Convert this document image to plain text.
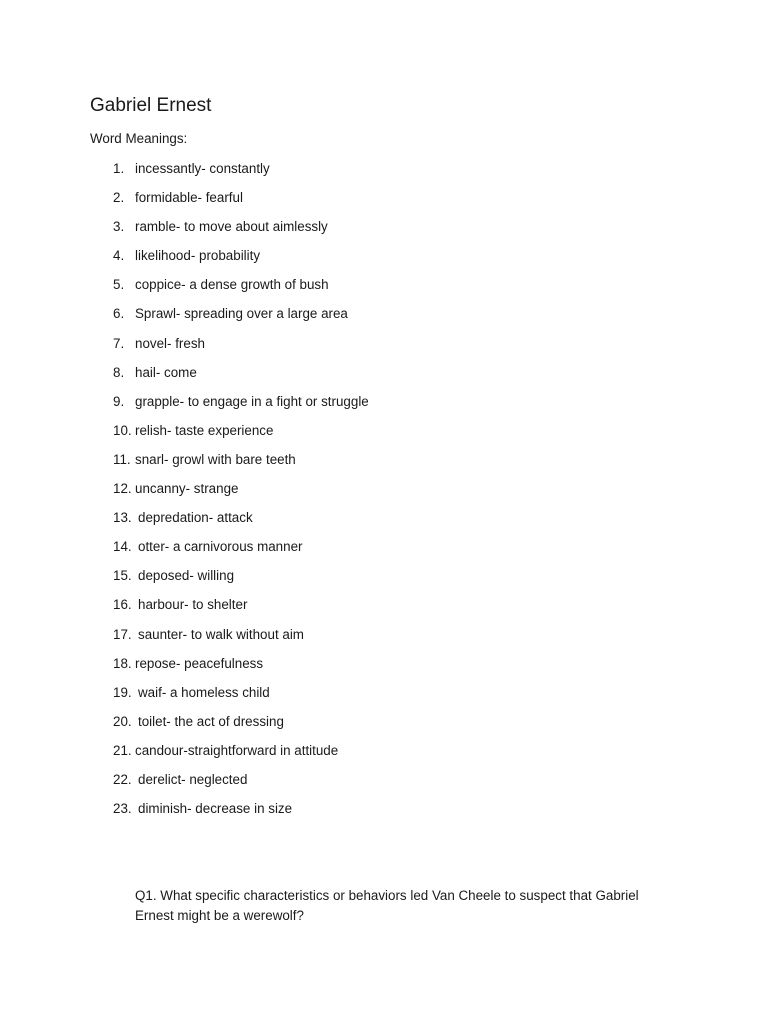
Gabriel Ernest

Word Meanings:

1. incessantly- constantly
2. formidable- fearful
3. ramble- to move about aimlessly
4. likelihood- probability
5. coppice- a dense growth of bush
6. Sprawl- spreading over a large area
7. novel- fresh
8. hail- come
9. grapple- to engage in a fight or struggle
10. relish- taste experience
11. snarl- growl with bare teeth
12. uncanny- strange
13. depredation- attack
14. otter- a carnivorous manner
15. deposed- willing
16. harbour- to shelter
17. saunter- to walk without aim
18. repose- peacefulness
19. waif- a homeless child
20. toilet- the act of dressing
21. candour-straightforward in attitude
22. derelict- neglected
23. diminish- decrease in size

Q1. What specific characteristics or behaviors led Van Cheele to suspect that Gabriel Ernest might be a werewolf?
